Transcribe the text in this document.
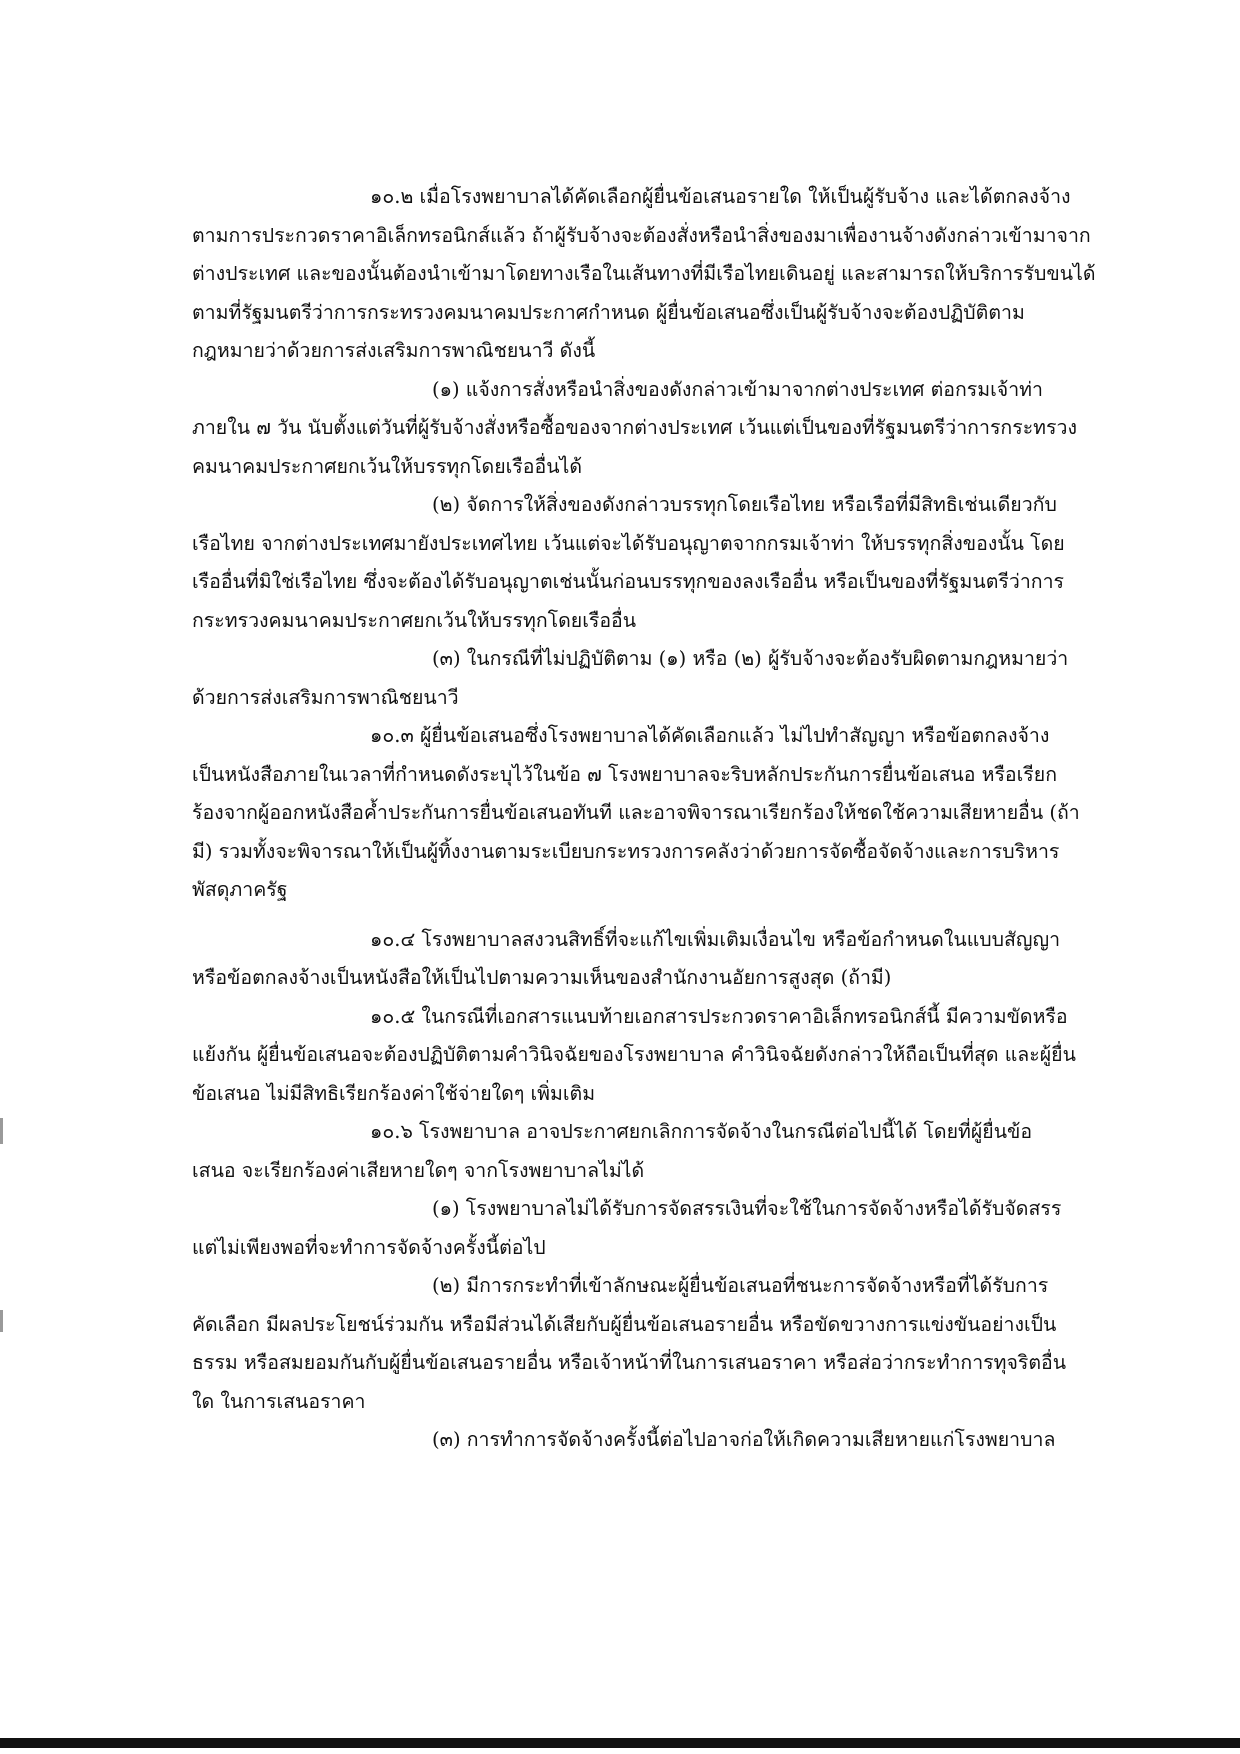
๑๐.๒ เมื่อโรงพยาบาลได้คัดเลือกผู้ยื่นข้อเสนอรายใด ให้เป็นผู้รับจ้าง และได้ตกลงจ้าง
ตามการประกวดราคาอิเล็กทรอนิกส์แล้ว ถ้าผู้รับจ้างจะต้องสั่งหรือนำสิ่งของมาเพื่องานจ้างดังกล่าวเข้ามาจาก
ต่างประเทศ และของนั้นต้องนำเข้ามาโดยทางเรือในเส้นทางที่มีเรือไทยเดินอยู่ และสามารถให้บริการรับขนได้
ตามที่รัฐมนตรีว่าการกระทรวงคมนาคมประกาศกำหนด ผู้ยื่นข้อเสนอซึ่งเป็นผู้รับจ้างจะต้องปฏิบัติตาม
กฎหมายว่าด้วยการส่งเสริมการพาณิชยนาวี ดังนี้
(๑) แจ้งการสั่งหรือนำสิ่งของดังกล่าวเข้ามาจากต่างประเทศ ต่อกรมเจ้าท่า
ภายใน ๗ วัน นับตั้งแต่วันที่ผู้รับจ้างสั่งหรือซื้อของจากต่างประเทศ เว้นแต่เป็นของที่รัฐมนตรีว่าการกระทรวง
คมนาคมประกาศยกเว้นให้บรรทุกโดยเรืออื่นได้
(๒) จัดการให้สิ่งของดังกล่าวบรรทุกโดยเรือไทย หรือเรือที่มีสิทธิเช่นเดียวกับ
เรือไทย จากต่างประเทศมายังประเทศไทย เว้นแต่จะได้รับอนุญาตจากกรมเจ้าท่า ให้บรรทุกสิ่งของนั้น โดย
เรืออื่นที่มิใช่เรือไทย ซึ่งจะต้องได้รับอนุญาตเช่นนั้นก่อนบรรทุกของลงเรืออื่น หรือเป็นของที่รัฐมนตรีว่าการ
กระทรวงคมนาคมประกาศยกเว้นให้บรรทุกโดยเรืออื่น
(๓) ในกรณีที่ไม่ปฏิบัติตาม (๑) หรือ (๒) ผู้รับจ้างจะต้องรับผิดตามกฎหมายว่า
ด้วยการส่งเสริมการพาณิชยนาวี
๑๐.๓ ผู้ยื่นข้อเสนอซึ่งโรงพยาบาลได้คัดเลือกแล้ว ไม่ไปทำสัญญา หรือข้อตกลงจ้าง
เป็นหนังสือภายในเวลาที่กำหนดดังระบุไว้ในข้อ ๗ โรงพยาบาลจะริบหลักประกันการยื่นข้อเสนอ หรือเรียก
ร้องจากผู้ออกหนังสือค้ำประกันการยื่นข้อเสนอทันที และอาจพิจารณาเรียกร้องให้ชดใช้ความเสียหายอื่น (ถ้า
มี) รวมทั้งจะพิจารณาให้เป็นผู้ทิ้งงานตามระเบียบกระทรวงการคลังว่าด้วยการจัดซื้อจัดจ้างและการบริหาร
พัสดุภาครัฐ
๑๐.๔ โรงพยาบาลสงวนสิทธิ์ที่จะแก้ไขเพิ่มเติมเงื่อนไข หรือข้อกำหนดในแบบสัญญา
หรือข้อตกลงจ้างเป็นหนังสือให้เป็นไปตามความเห็นของสำนักงานอัยการสูงสุด (ถ้ามี)
๑๐.๕ ในกรณีที่เอกสารแนบท้ายเอกสารประกวดราคาอิเล็กทรอนิกส์นี้ มีความขัดหรือ
แย้งกัน ผู้ยื่นข้อเสนอจะต้องปฏิบัติตามคำวินิจฉัยของโรงพยาบาล คำวินิจฉัยดังกล่าวให้ถือเป็นที่สุด และผู้ยื่น
ข้อเสนอ ไม่มีสิทธิเรียกร้องค่าใช้จ่ายใดๆ เพิ่มเติม
๑๐.๖ โรงพยาบาล อาจประกาศยกเลิกการจัดจ้างในกรณีต่อไปนี้ได้ โดยที่ผู้ยื่นข้อ
เสนอ จะเรียกร้องค่าเสียหายใดๆ จากโรงพยาบาลไม่ได้
(๑) โรงพยาบาลไม่ได้รับการจัดสรรเงินที่จะใช้ในการจัดจ้างหรือได้รับจัดสรร
แต่ไม่เพียงพอที่จะทำการจัดจ้างครั้งนี้ต่อไป
(๒) มีการกระทำที่เข้าลักษณะผู้ยื่นข้อเสนอที่ชนะการจัดจ้างหรือที่ได้รับการ
คัดเลือก มีผลประโยชน์ร่วมกัน หรือมีส่วนได้เสียกับผู้ยื่นข้อเสนอรายอื่น หรือขัดขวางการแข่งขันอย่างเป็น
ธรรม หรือสมยอมกันกับผู้ยื่นข้อเสนอรายอื่น หรือเจ้าหน้าที่ในการเสนอราคา หรือส่อว่ากระทำการทุจริตอื่น
ใด ในการเสนอราคา
(๓) การทำการจัดจ้างครั้งนี้ต่อไปอาจก่อให้เกิดความเสียหายแก่โรงพยาบาล
